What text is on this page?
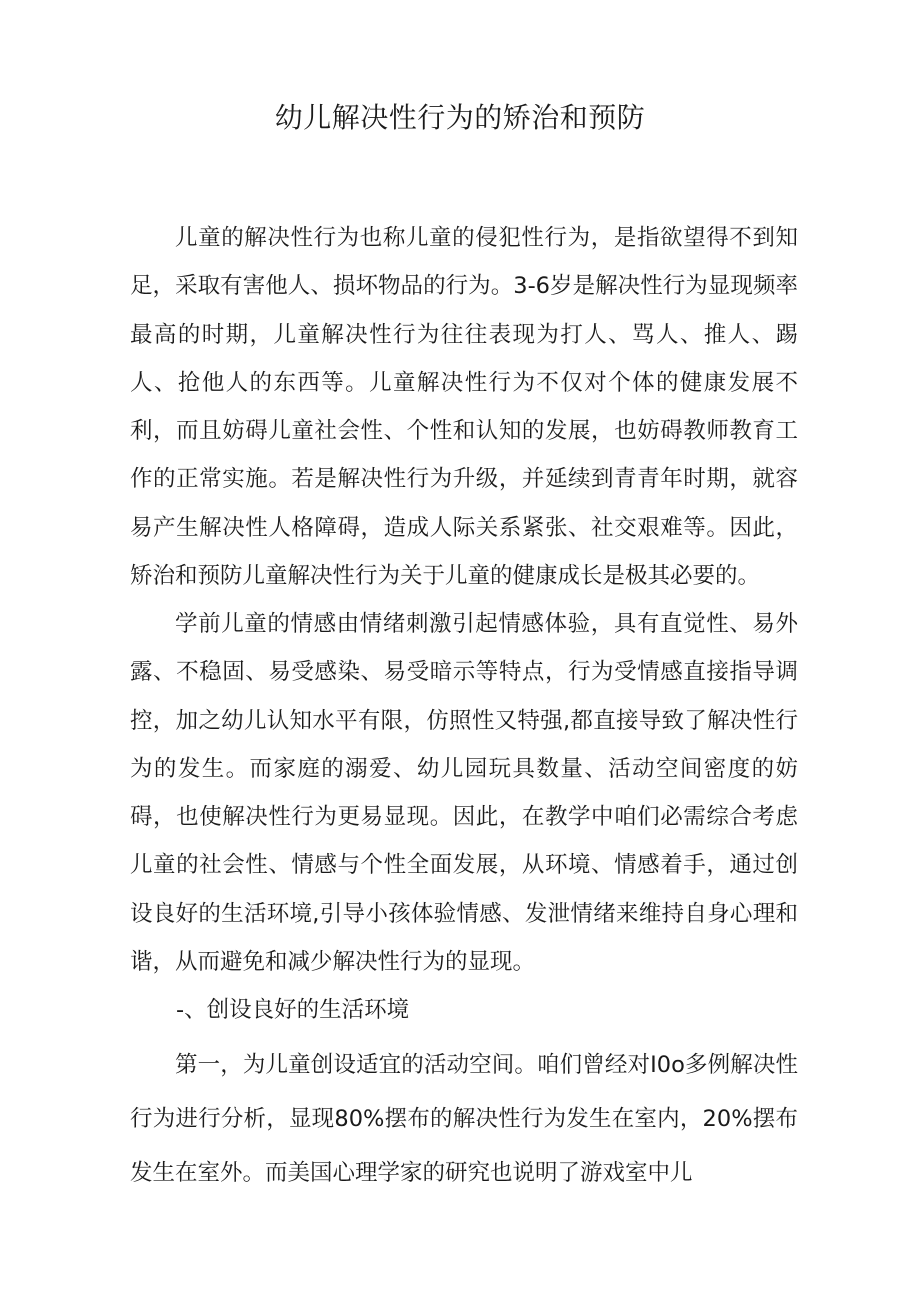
幼儿解决性行为的矫治和预防

儿童的解决性行为也称儿童的侵犯性行为，是指欲望得不到知足，采取有害他人、损坏物品的行为。3-6岁是解决性行为显现频率最高的时期，儿童解决性行为往往表现为打人、骂人、推人、踢人、抢他人的东西等。儿童解决性行为不仅对个体的健康发展不利，而且妨碍儿童社会性、个性和认知的发展，也妨碍教师教育工作的正常实施。若是解决性行为升级，并延续到青青年时期，就容易产生解决性人格障碍，造成人际关系紧张、社交艰难等。因此，矫治和预防儿童解决性行为关于儿童的健康成长是极其必要的。

学前儿童的情感由情绪刺激引起情感体验，具有直觉性、易外露、不稳固、易受感染、易受暗示等特点，行为受情感直接指导调控，加之幼儿认知水平有限，仿照性又特强,都直接导致了解决性行为的发生。而家庭的溺爱、幼儿园玩具数量、活动空间密度的妨碍，也使解决性行为更易显现。因此，在教学中咱们必需综合考虑儿童的社会性、情感与个性全面发展，从环境、情感着手，通过创设良好的生活环境,引导小孩体验情感、发泄情绪来维持自身心理和谐，从而避免和减少解决性行为的显现。

-、创设良好的生活环境

第一，为儿童创设适宜的活动空间。咱们曾经对I0o多例解决性行为进行分析，显现80%摆布的解决性行为发生在室内，20%摆布发生在室外。而美国心理学家的研究也说明了游戏室中儿
